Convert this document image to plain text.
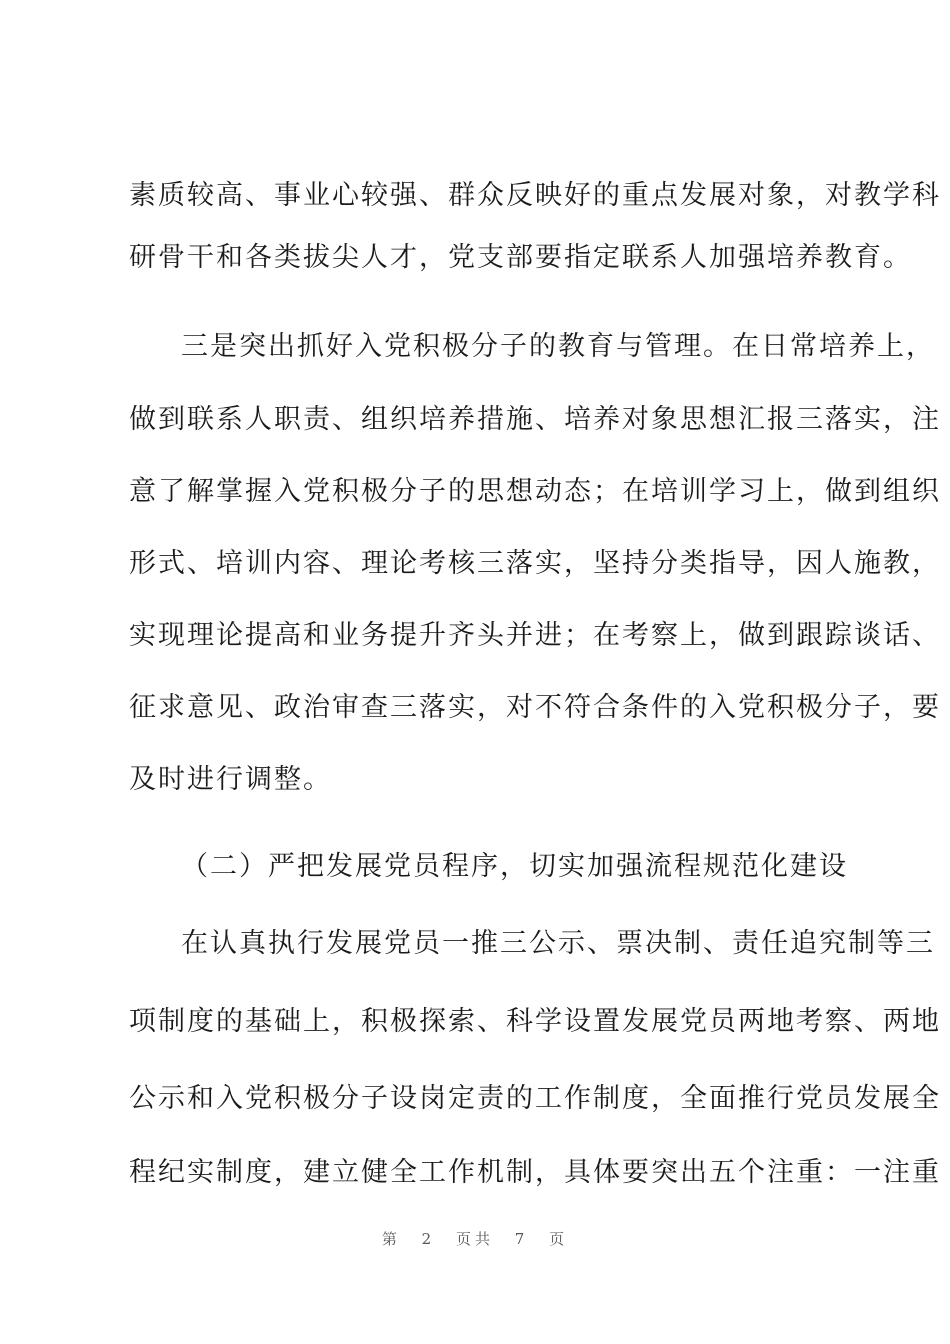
素质较高、事业心较强、群众反映好的重点发展对象，对教学科
研骨干和各类拔尖人才，党支部要指定联系人加强培养教育。
三是突出抓好入党积极分子的教育与管理。在日常培养上，
做到联系人职责、组织培养措施、培养对象思想汇报三落实，注
意了解掌握入党积极分子的思想动态；在培训学习上，做到组织
形式、培训内容、理论考核三落实，坚持分类指导，因人施教，
实现理论提高和业务提升齐头并进；在考察上，做到跟踪谈话、
征求意见、政治审查三落实，对不符合条件的入党积极分子，要
及时进行调整。
（二）严把发展党员程序，切实加强流程规范化建设
在认真执行发展党员一推三公示、票决制、责任追究制等三
项制度的基础上，积极探索、科学设置发展党员两地考察、两地
公示和入党积极分子设岗定责的工作制度，全面推行党员发展全
程纪实制度，建立健全工作机制，具体要突出五个注重：一注重
第 2 页共 7 页
